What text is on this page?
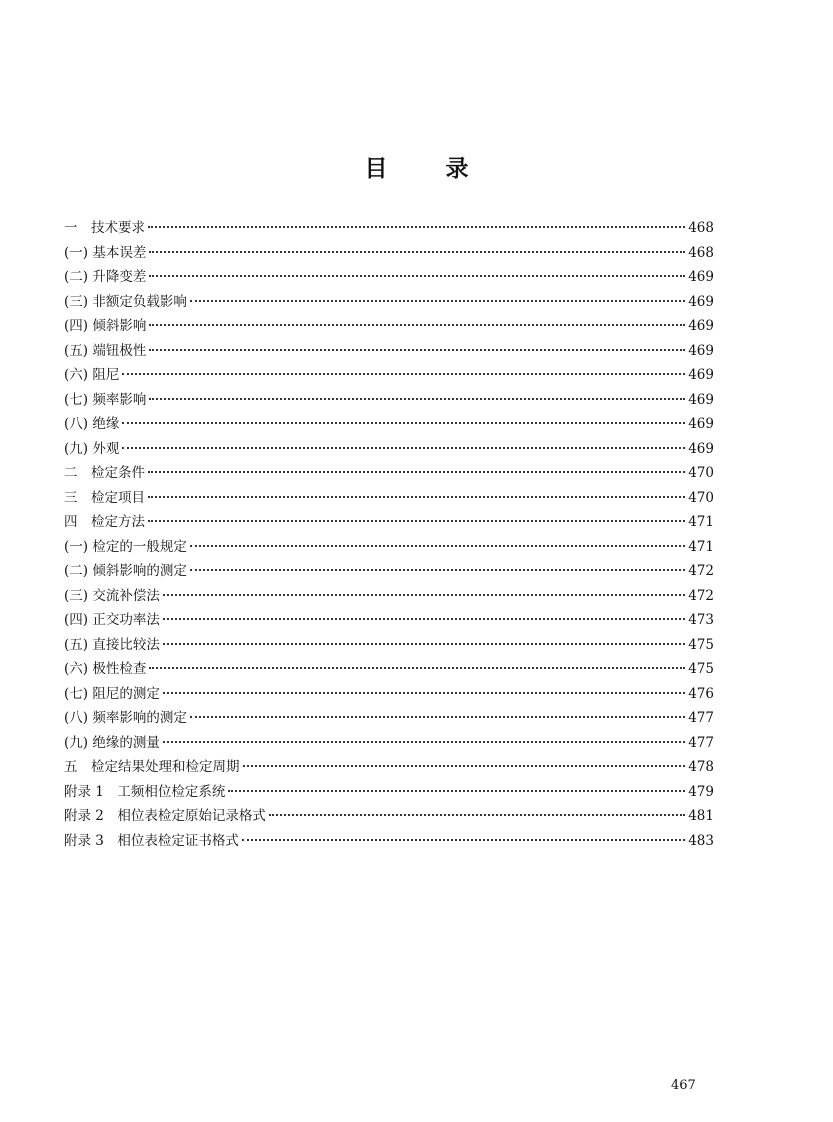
目	录
一　技术要求	468
(一) 基本误差	468
(二) 升降变差	469
(三) 非额定负载影响	469
(四) 倾斜影响	469
(五) 端钮极性	469
(六) 阻尼	469
(七) 频率影响	469
(八) 绝缘	469
(九) 外观	469
二　检定条件	470
三　检定项目	470
四　检定方法	471
(一) 检定的一般规定	471
(二) 倾斜影响的测定	472
(三) 交流补偿法	472
(四) 正交功率法	473
(五) 直接比较法	475
(六) 极性检查	475
(七) 阻尼的测定	476
(八) 频率影响的测定	477
(九) 绝缘的测量	477
五　检定结果处理和检定周期	478
附录 1　工频相位检定系统	479
附录 2　相位表检定原始记录格式	481
附录 3　相位表检定证书格式	483
467
